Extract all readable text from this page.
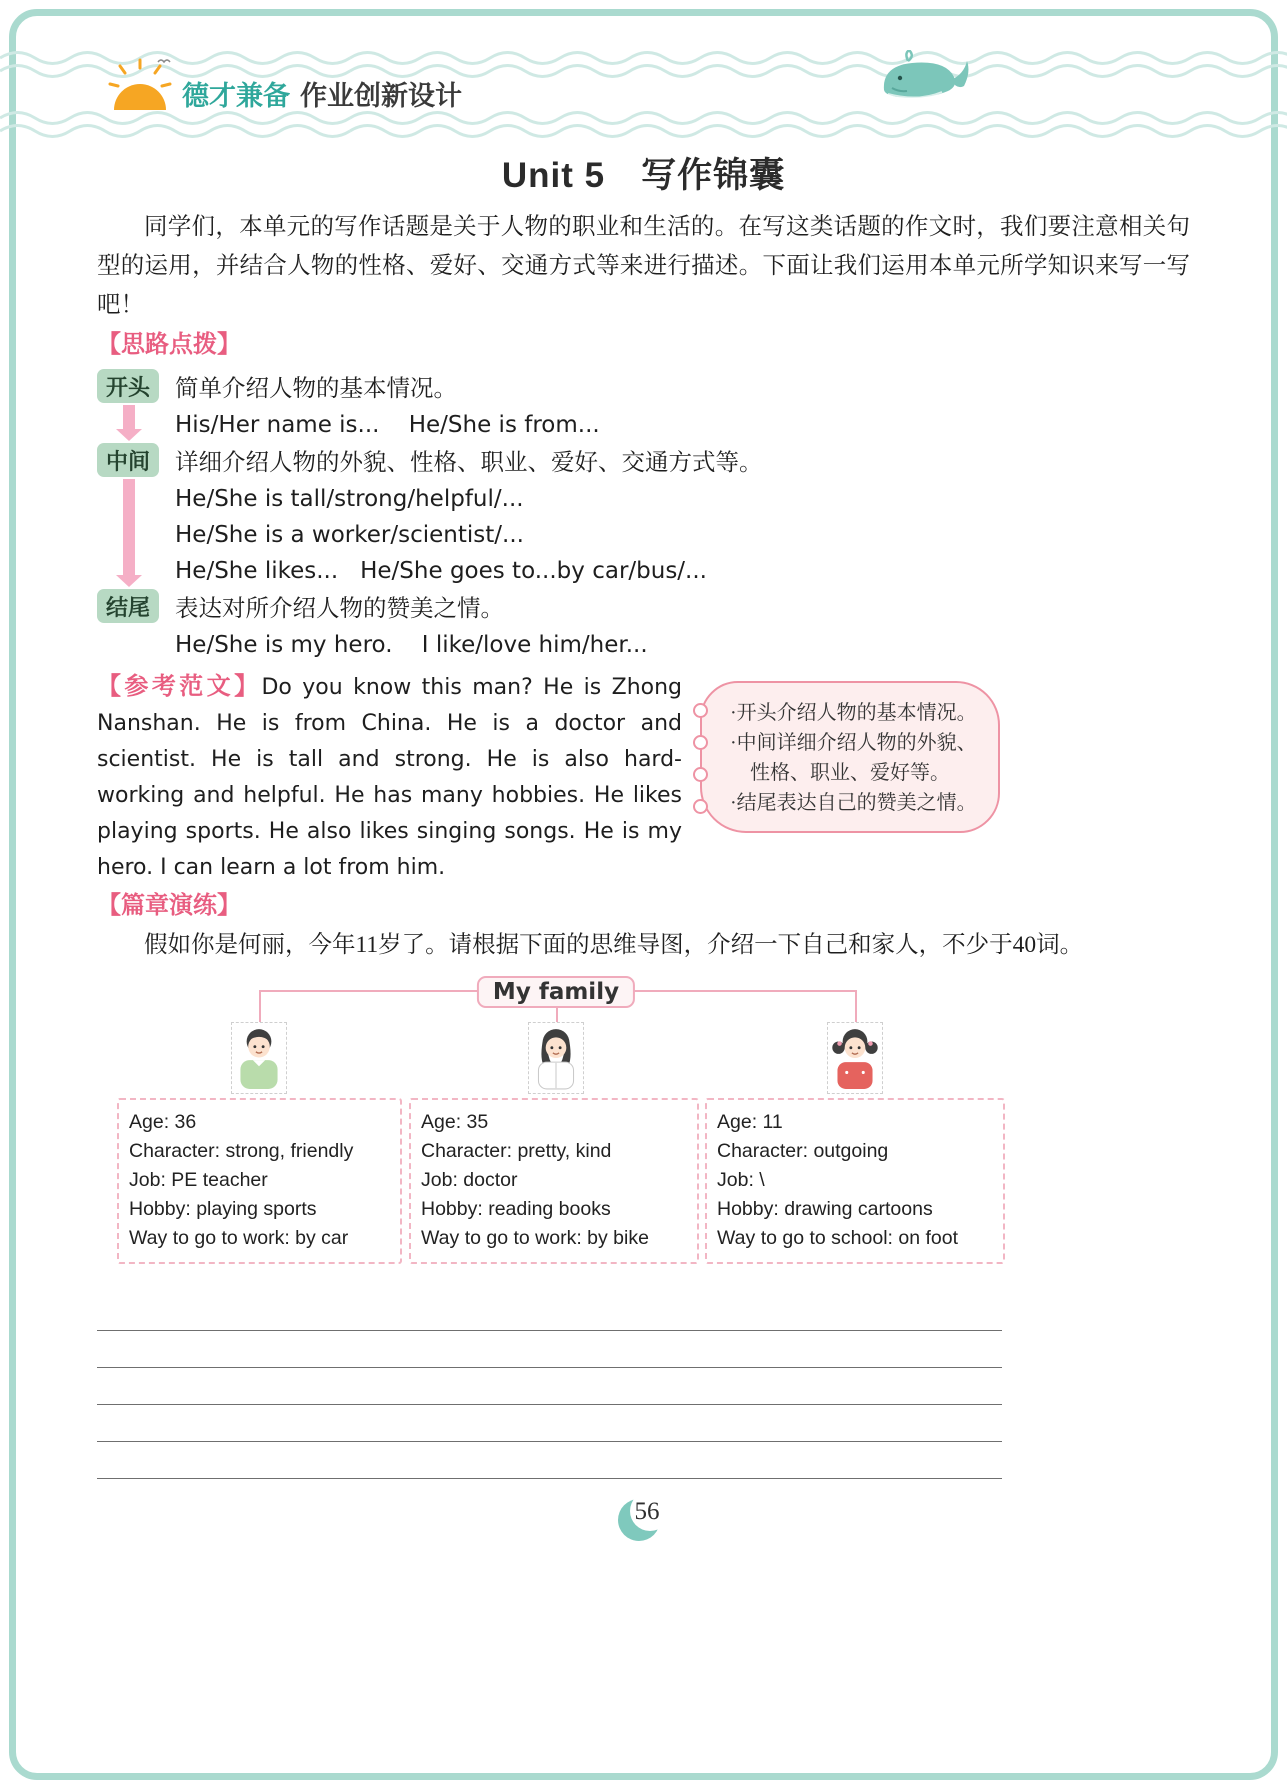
德才兼备 作业创新设计
Unit 5　写作锦囊

同学们，本单元的写作话题是关于人物的职业和生活的。在写这类话题的作文时，我们要注意相关句型的运用，并结合人物的性格、爱好、交通方式等来进行描述。下面让我们运用本单元所学知识来写一写吧！

【思路点拨】
开头	简单介绍人物的基本情况。
His/Her name is...    He/She is from...
中间	详细介绍人物的外貌、性格、职业、爱好、交通方式等。
He/She is tall/strong/helpful/...
He/She is a worker/scientist/...
He/She likes...   He/She goes to...by car/bus/...
结尾	表达对所介绍人物的赞美之情。
He/She is my hero.    I like/love him/her...

【参考范文】Do you know this man? He is Zhong Nanshan. He is from China. He is a doctor and scientist. He is tall and strong. He is also hard-working and helpful. He has many hobbies. He likes playing sports. He also likes singing songs. He is my hero. I can learn a lot from him.

·开头介绍人物的基本情况。
·中间详细介绍人物的外貌、性格、职业、爱好等。
·结尾表达自己的赞美之情。
【篇章演练】

假如你是何丽，今年11岁了。请根据下面的思维导图，介绍一下自己和家人，不少于40词。

My family
Age: 36
Character: strong, friendly
Job: PE teacher
Hobby: playing sports
Way to go to work: by car
Age: 35
Character: pretty, kind
Job: doctor
Hobby: reading books
Way to go to work: by bike
Age: 11
Character: outgoing
Job: \
Hobby: drawing cartoons
Way to go to school: on foot
56
